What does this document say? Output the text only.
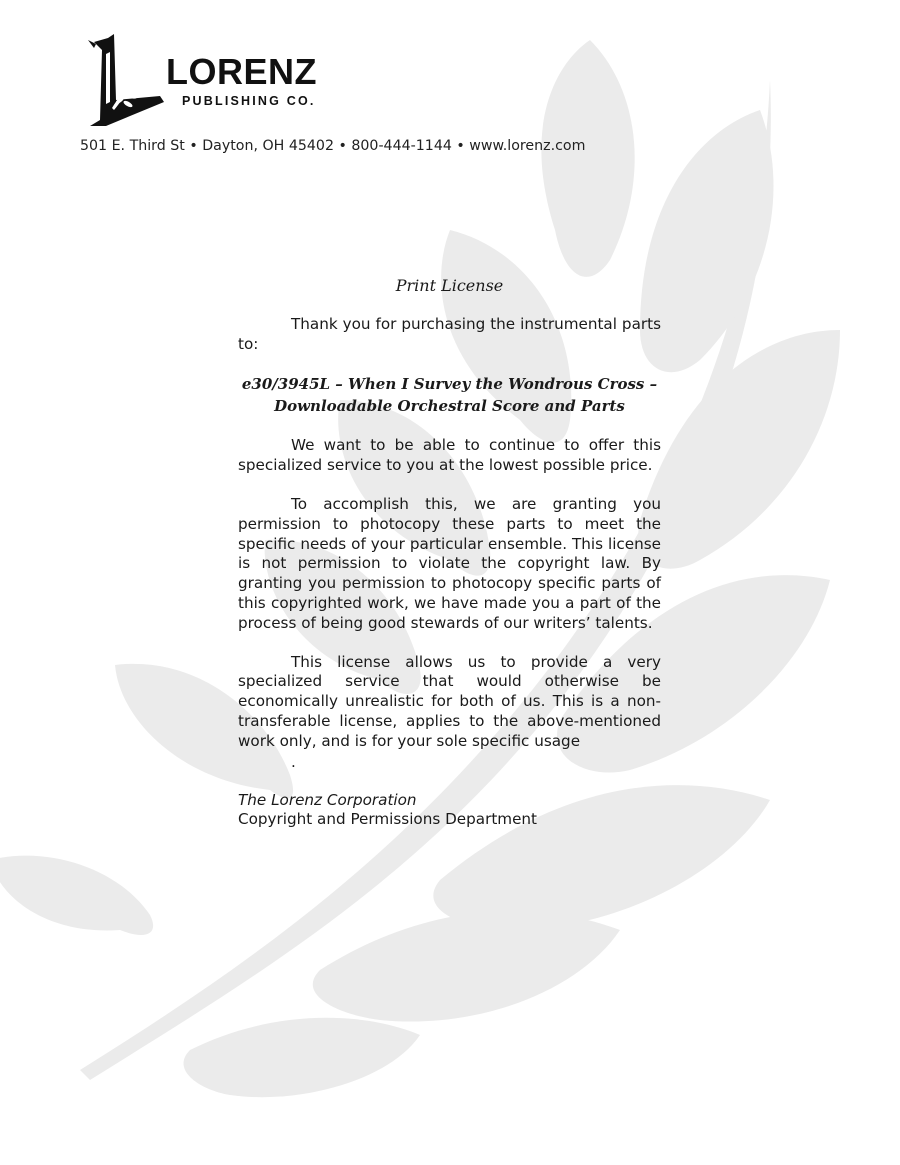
LORENZ
PUBLISHING CO.
501 E. Third St • Dayton, OH 45402 • 800-444-1144 • www.lorenz.com
Print License

Thank you for purchasing the instrumental parts to:

e30/3945L – When I Survey the Wondrous Cross –
Downloadable Orchestral Score and Parts

We want to be able to continue to offer this specialized service to you at the lowest possible price.

To accomplish this, we are granting you permission to photocopy these parts to meet the specific needs of your particular ensemble. This license is not permission to violate the copyright law. By granting you permission to photocopy specific parts of this copyrighted work, we have made you a part of the process of being good stewards of our writers’ talents.

This license allows us to provide a very specialized service that would otherwise be economically unrealistic for both of us. This is a non-transferable license, applies to the above-mentioned work only, and is for your sole specific usage

.

The Lorenz Corporation

Copyright and Permissions Department
